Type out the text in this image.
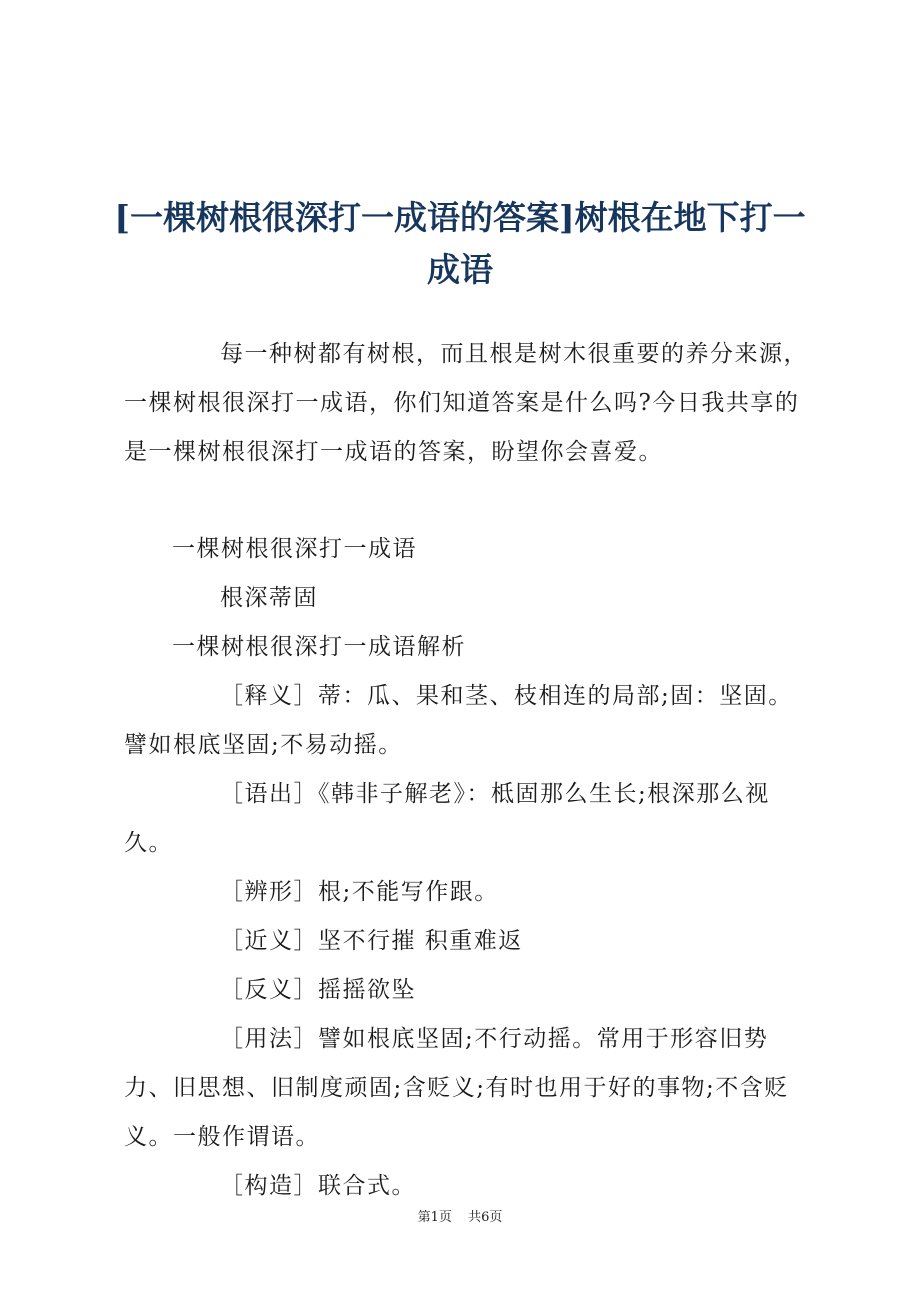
[一棵树根很深打一成语的答案]树根在地下打一成语

每一种树都有树根，而且根是树木很重要的养分来源，一棵树根很深打一成语，你们知道答案是什么吗?今日我共享的是一棵树根很深打一成语的答案，盼望你会喜爱。

一棵树根很深打一成语

根深蒂固

一棵树根很深打一成语解析

［释义］蒂：瓜、果和茎、枝相连的局部;固：坚固。譬如根底坚固;不易动摇。

［语出］《韩非子解老》：柢固那么生长;根深那么视久。

［辨形］根;不能写作跟。

［近义］坚不行摧 积重难返

［反义］摇摇欲坠

［用法］譬如根底坚固;不行动摇。常用于形容旧势力、旧思想、旧制度顽固;含贬义;有时也用于好的事物;不含贬义。一般作谓语。

［构造］联合式。

第1页 共6页
